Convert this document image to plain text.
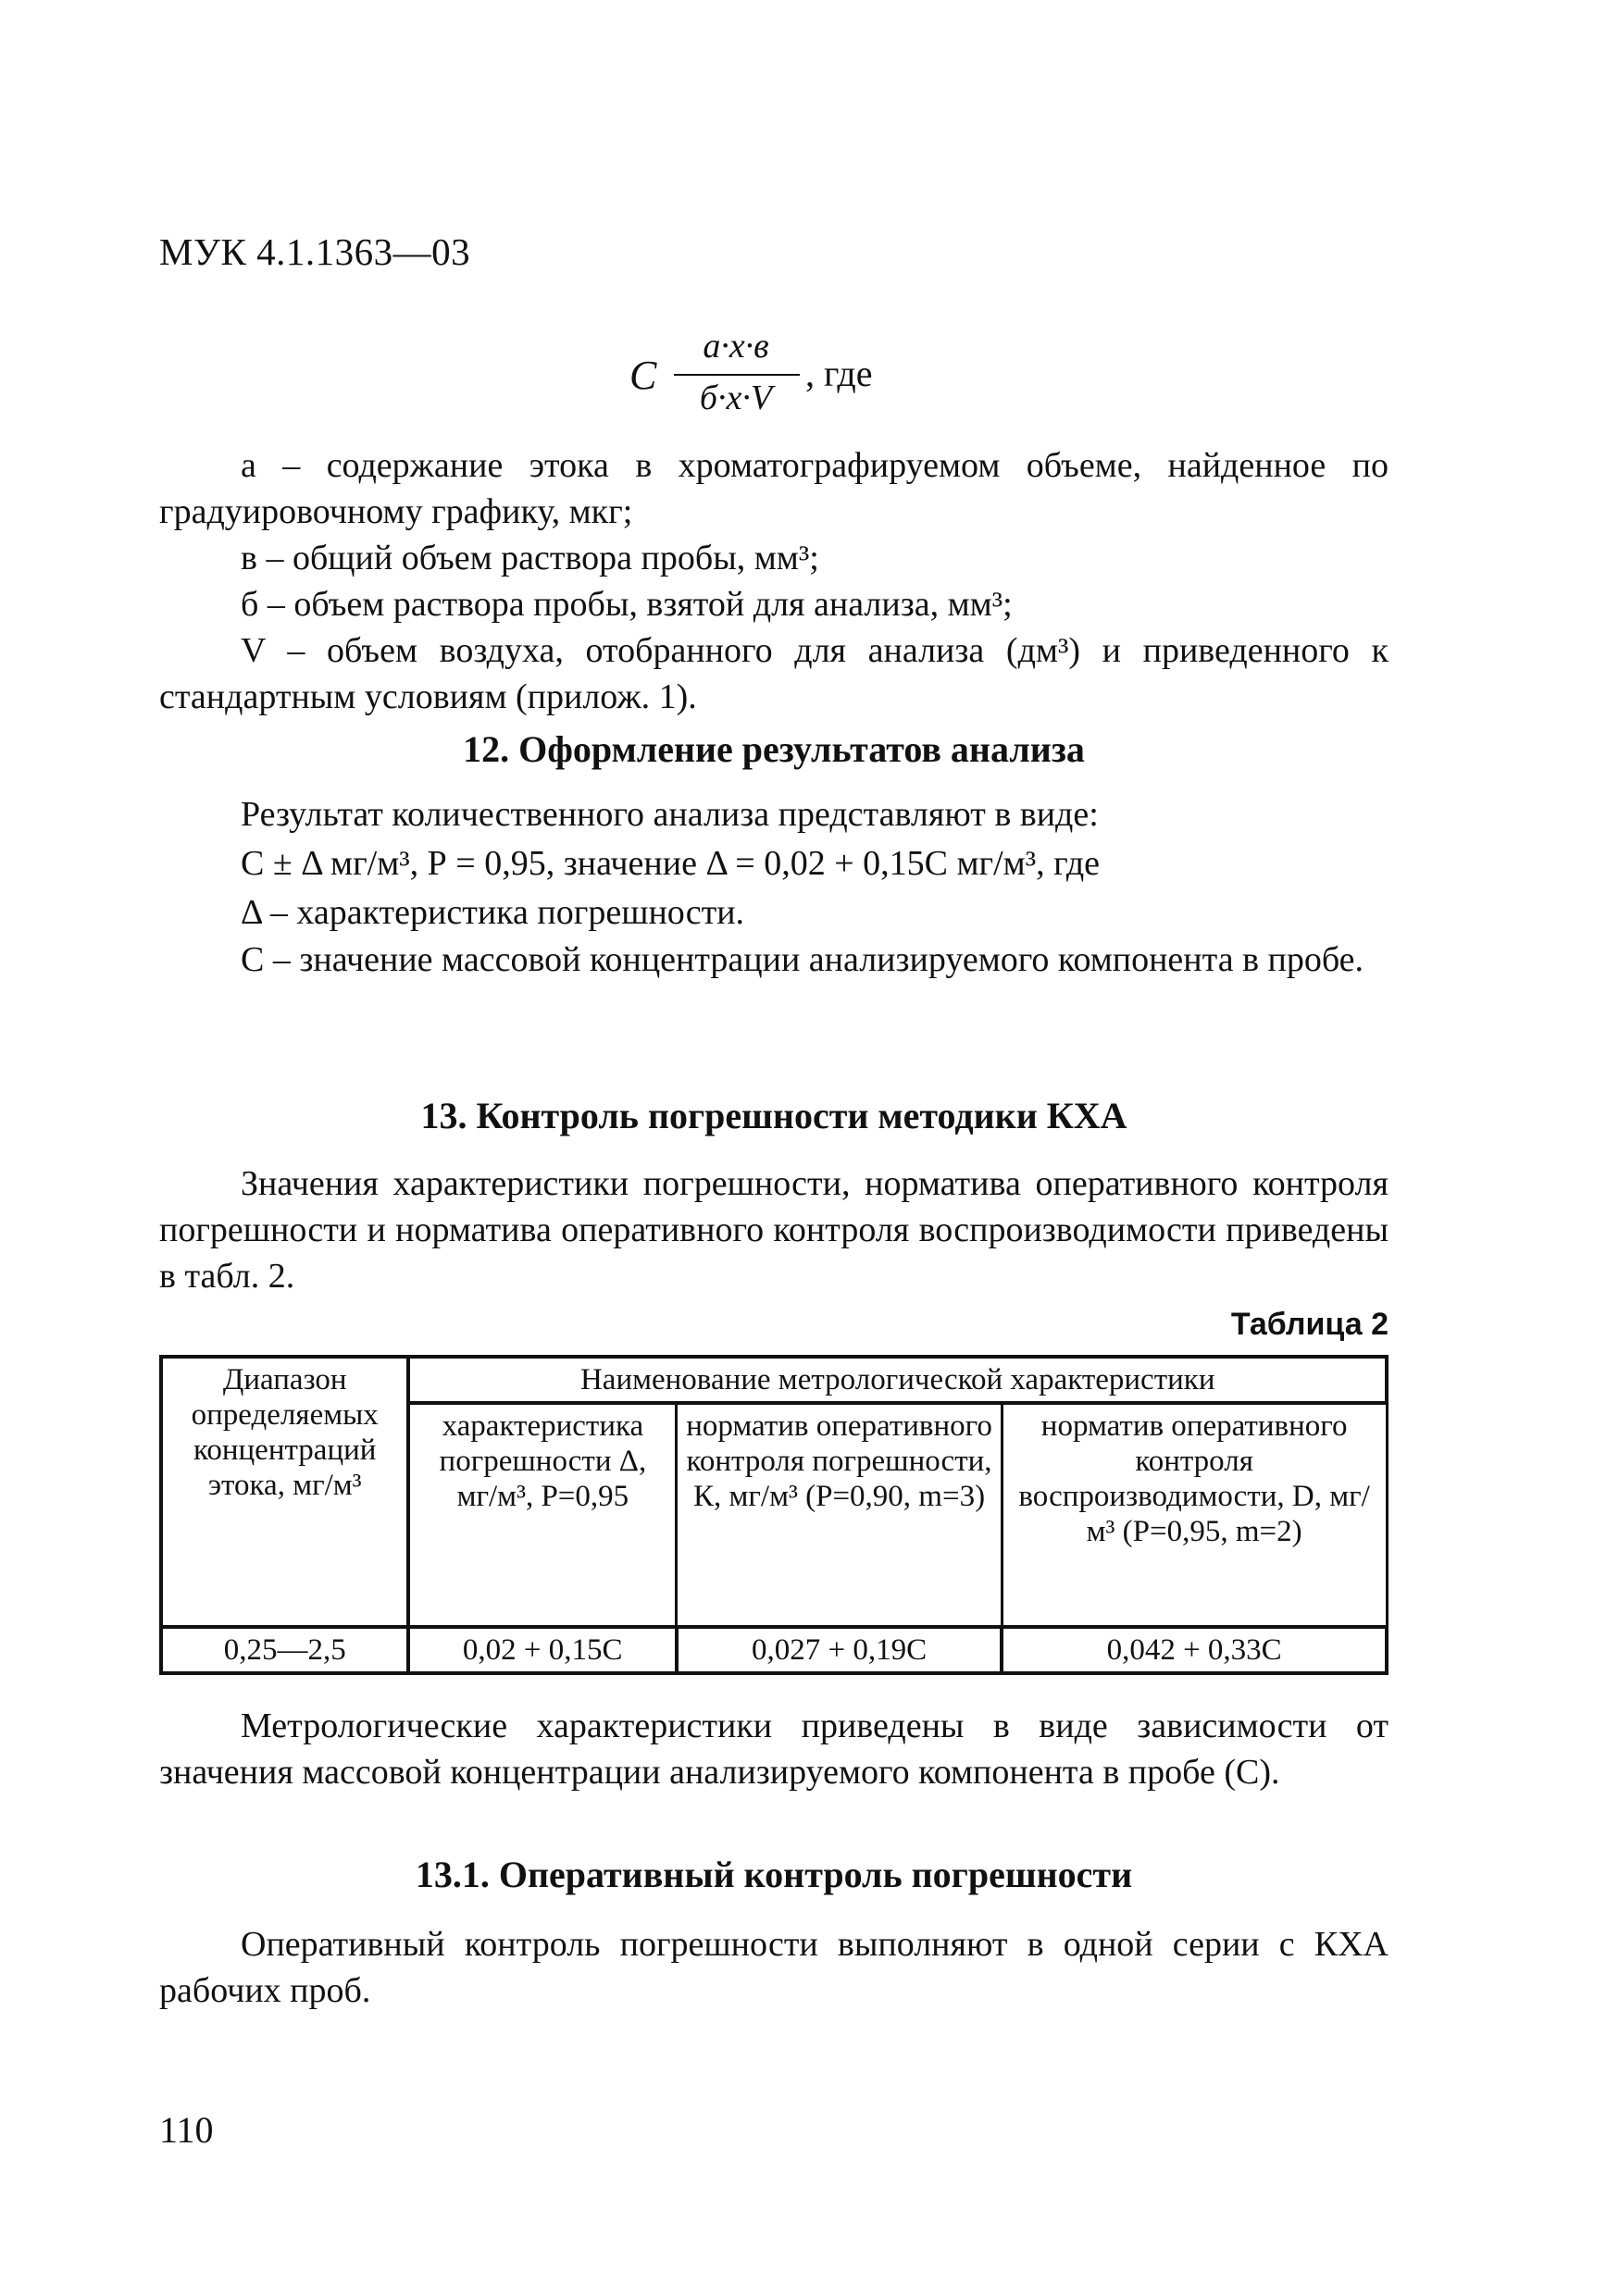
МУК 4.1.1363—03
C
a·x·в
б·x·V
, где
а – содержание этока в хроматографируемом объеме, найденное по градуировочному графику, мкг;
в – общий объем раствора пробы, мм³;
б – объем раствора пробы, взятой для анализа, мм³;
V – объем воздуха, отобранного для анализа (дм³) и приведенного к стандартным условиям (прилож. 1).
12. Оформление результатов анализа
Результат количественного анализа представляют в виде:
С ± Δ мг/м³, Р = 0,95, значение Δ = 0,02 + 0,15С мг/м³, где
Δ – характеристика погрешности.
С – значение массовой концентрации анализируемого компонента в пробе.
13. Контроль погрешности методики КХА
Значения характеристики погрешности, норматива оперативного контроля погрешности и норматива оперативного контроля воспроизводимости приведены в табл. 2.
Таблица 2
Диапазон определяемых концентраций этока, мг/м³	Наименование метрологической характеристики		
	характеристика погрешности Δ, мг/м³, Р=0,95	норматив оперативного контроля погрешности, К, мг/м³ (Р=0,90, m=3)	норматив оперативного контроля воспроизводимости, D, мг/м³ (Р=0,95, m=2)
0,25—2,5	0,02 + 0,15С	0,027 + 0,19С	0,042 + 0,33С
Метрологические характеристики приведены в виде зависимости от значения массовой концентрации анализируемого компонента в пробе (С).
13.1. Оперативный контроль погрешности
Оперативный контроль погрешности выполняют в одной серии с КХА рабочих проб.
110
